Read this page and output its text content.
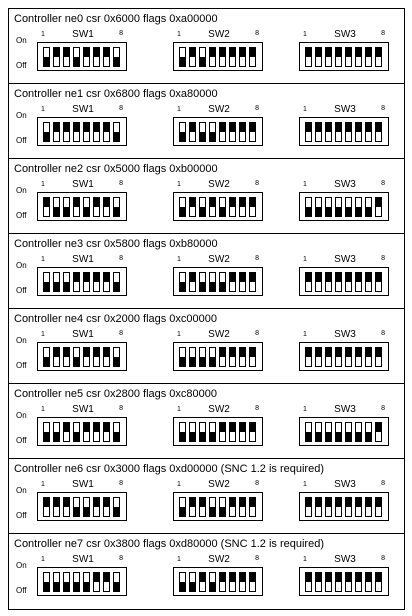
Controller ne0 csr 0x6000 flags 0xa00000
On
Off
1	SW1	8	1	SW2	8	1	SW3	8
Controller ne1 csr 0x6800 flags 0xa80000
On
Off
1	SW1	8	1	SW2	8	1	SW3	8
Controller ne2 csr 0x5000 flags 0xb00000
On
Off
1	SW1	8	1	SW2	8	1	SW3	8
Controller ne3 csr 0x5800 flags 0xb80000
On
Off
1	SW1	8	1	SW2	8	1	SW3	8
Controller ne4 csr 0x2000 flags 0xc00000
On
Off
1	SW1	8	1	SW2	8	1	SW3	8
Controller ne5 csr 0x2800 flags 0xc80000
On
Off
1	SW1	8	1	SW2	8	1	SW3	8
Controller ne6 csr 0x3000 flags 0xd00000 (SNC 1.2 is required)
On
Off
1	SW1	8	1	SW2	8	1	SW3	8
Controller ne7 csr 0x3800 flags 0xd80000 (SNC 1.2 is required)
On
Off
1	SW1	8	1	SW2	8	1	SW3	8
